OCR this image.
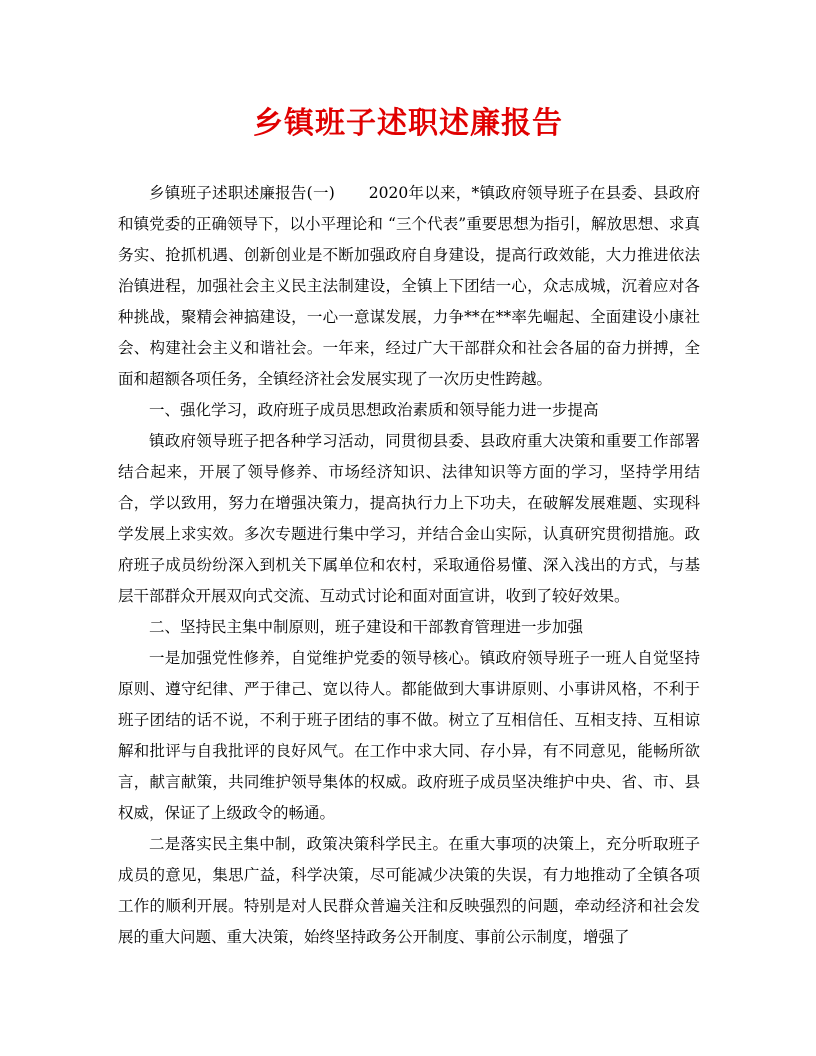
乡镇班子述职述廉报告

乡镇班子述职述廉报告(一) 2020年以来，*镇政府领导班子在县委、县政府和镇党委的正确领导下，以小平理论和 “三个代表”重要思想为指引，解放思想、求真务实、抢抓机遇、创新创业是不断加强政府自身建设，提高行政效能，大力推进依法治镇进程，加强社会主义民主法制建设，全镇上下团结一心，众志成城，沉着应对各种挑战，聚精会神搞建设，一心一意谋发展，力争**在**率先崛起、全面建设小康社会、构建社会主义和谐社会。一年来，经过广大干部群众和社会各届的奋力拼搏，全面和超额各项任务，全镇经济社会发展实现了一次历史性跨越。

一、强化学习，政府班子成员思想政治素质和领导能力进一步提高

镇政府领导班子把各种学习活动，同贯彻县委、县政府重大决策和重要工作部署结合起来，开展了领导修养、市场经济知识、法律知识等方面的学习，坚持学用结合，学以致用，努力在增强决策力，提高执行力上下功夫，在破解发展难题、实现科学发展上求实效。多次专题进行集中学习，并结合金山实际，认真研究贯彻措施。政府班子成员纷纷深入到机关下属单位和农村，采取通俗易懂、深入浅出的方式，与基层干部群众开展双向式交流、互动式讨论和面对面宣讲，收到了较好效果。

二、坚持民主集中制原则，班子建设和干部教育管理进一步加强

一是加强党性修养，自觉维护党委的领导核心。镇政府领导班子一班人自觉坚持原则、遵守纪律、严于律己、宽以待人。都能做到大事讲原则、小事讲风格，不利于班子团结的话不说，不利于班子团结的事不做。树立了互相信任、互相支持、互相谅解和批评与自我批评的良好风气。在工作中求大同、存小异，有不同意见，能畅所欲言，献言献策，共同维护领导集体的权威。政府班子成员坚决维护中央、省、市、县权威，保证了上级政令的畅通。

二是落实民主集中制，政策决策科学民主。在重大事项的决策上，充分听取班子成员的意见，集思广益，科学决策，尽可能减少决策的失误，有力地推动了全镇各项工作的顺利开展。特别是对人民群众普遍关注和反映强烈的问题，牵动经济和社会发展的重大问题、重大决策，始终坚持政务公开制度、事前公示制度，增强了
